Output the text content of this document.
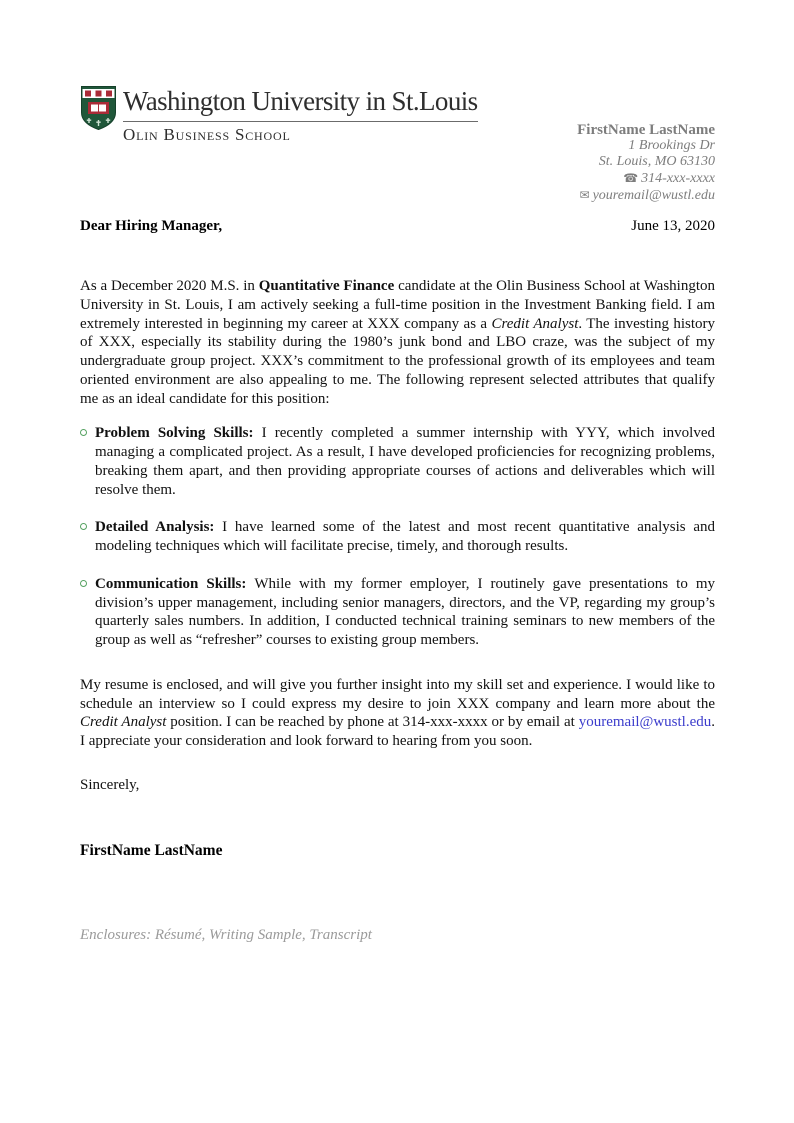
Washington University in St.Louis
Olin Business School	FirstName LastName
1 Brookings Dr
St. Louis, MO 63130
☎ 314-xxx-xxxx
✉ youremail@wustl.edu
Dear Hiring Manager,	June 13, 2020

As a December 2020 M.S. in Quantitative Finance candidate at the Olin Business School at Washington University in St. Louis, I am actively seeking a full-time position in the Investment Banking field. I am extremely interested in beginning my career at XXX company as a Credit Analyst. The investing history of XXX, especially its stability during the 1980’s junk bond and LBO craze, was the subject of my undergraduate group project. XXX’s commitment to the professional growth of its employees and team oriented environment are also appealing to me. The following represent selected attributes that qualify me as an ideal candidate for this position:

Problem Solving Skills: I recently completed a summer internship with YYY, which involved managing a complicated project. As a result, I have developed proficiencies for recognizing problems, breaking them apart, and then providing appropriate courses of actions and deliverables which will resolve them.
Detailed Analysis: I have learned some of the latest and most recent quantitative analysis and modeling techniques which will facilitate precise, timely, and thorough results.
Communication Skills: While with my former employer, I routinely gave presentations to my division’s upper management, including senior managers, directors, and the VP, regarding my group’s quarterly sales numbers. In addition, I conducted technical training seminars to new members of the group as well as “refresher” courses to existing group members.

My resume is enclosed, and will give you further insight into my skill set and experience. I would like to schedule an interview so I could express my desire to join XXX company and learn more about the Credit Analyst position. I can be reached by phone at 314-xxx-xxxx or by email at youremail@wustl.edu. I appreciate your consideration and look forward to hearing from you soon.

Sincerely,
FirstName LastName
Enclosures: Résumé, Writing Sample, Transcript
